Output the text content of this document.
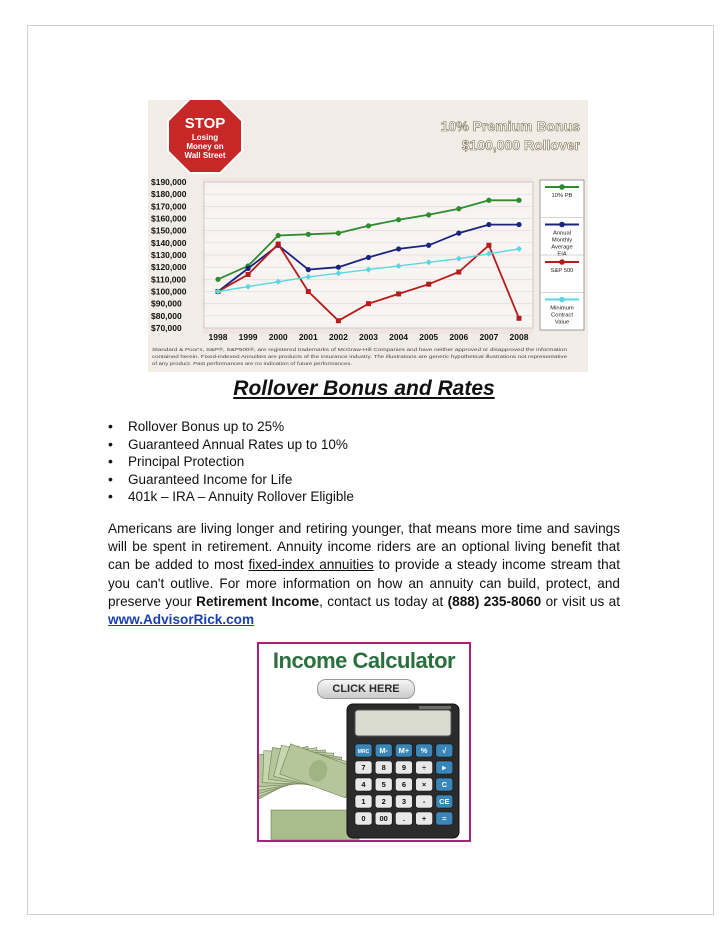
STOP
Losing
Money on
Wall Street
10% Premium Bonus
$100,000 Rollover
$190,000
$180,000
$170,000
$160,000
$150,000
$140,000
$130,000
$120,000
$110,000
$100,000
$90,000
$80,000
$70,000
1998 1999 2000 2001 2002 2003 2004 2005 2006 2007 2008
10% PB
Annual
Monthly
Average
EIA
S&P 500
Minimum
Contract
Value
Standard & Poor's, S&P®, S&P500®, are registered trademarks of McGraw-Hill Companies and have neither approved or disapproved the information
contained herein. Fixed-indexed Annuities are products of the insurance industry. The illustrations are generic hypothetical illustrations not representative
of any product. Past performances are no indication of future performances.
Rollover Bonus and Rates
• Rollover Bonus up to 25%
• Guaranteed Annual Rates up to 10%
• Principal Protection
• Guaranteed Income for Life
• 401k – IRA – Annuity Rollover Eligible
Americans are living longer and retiring younger, that means more time and savings will be spent in retirement. Annuity income riders are an optional living benefit that can be added to most fixed-index annuities to provide a steady income stream that you can't outlive. For more information on how an annuity can build, protect, and preserve your Retirement Income, contact us today at (888) 235-8060 or visit us at www.AdvisorRick.com
Income Calculator
CLICK HERE
MRC M- M+ % √
7 8 9 ÷ ▸
4 5 6 × C
1 2 3 - CE
0 00 . + =
